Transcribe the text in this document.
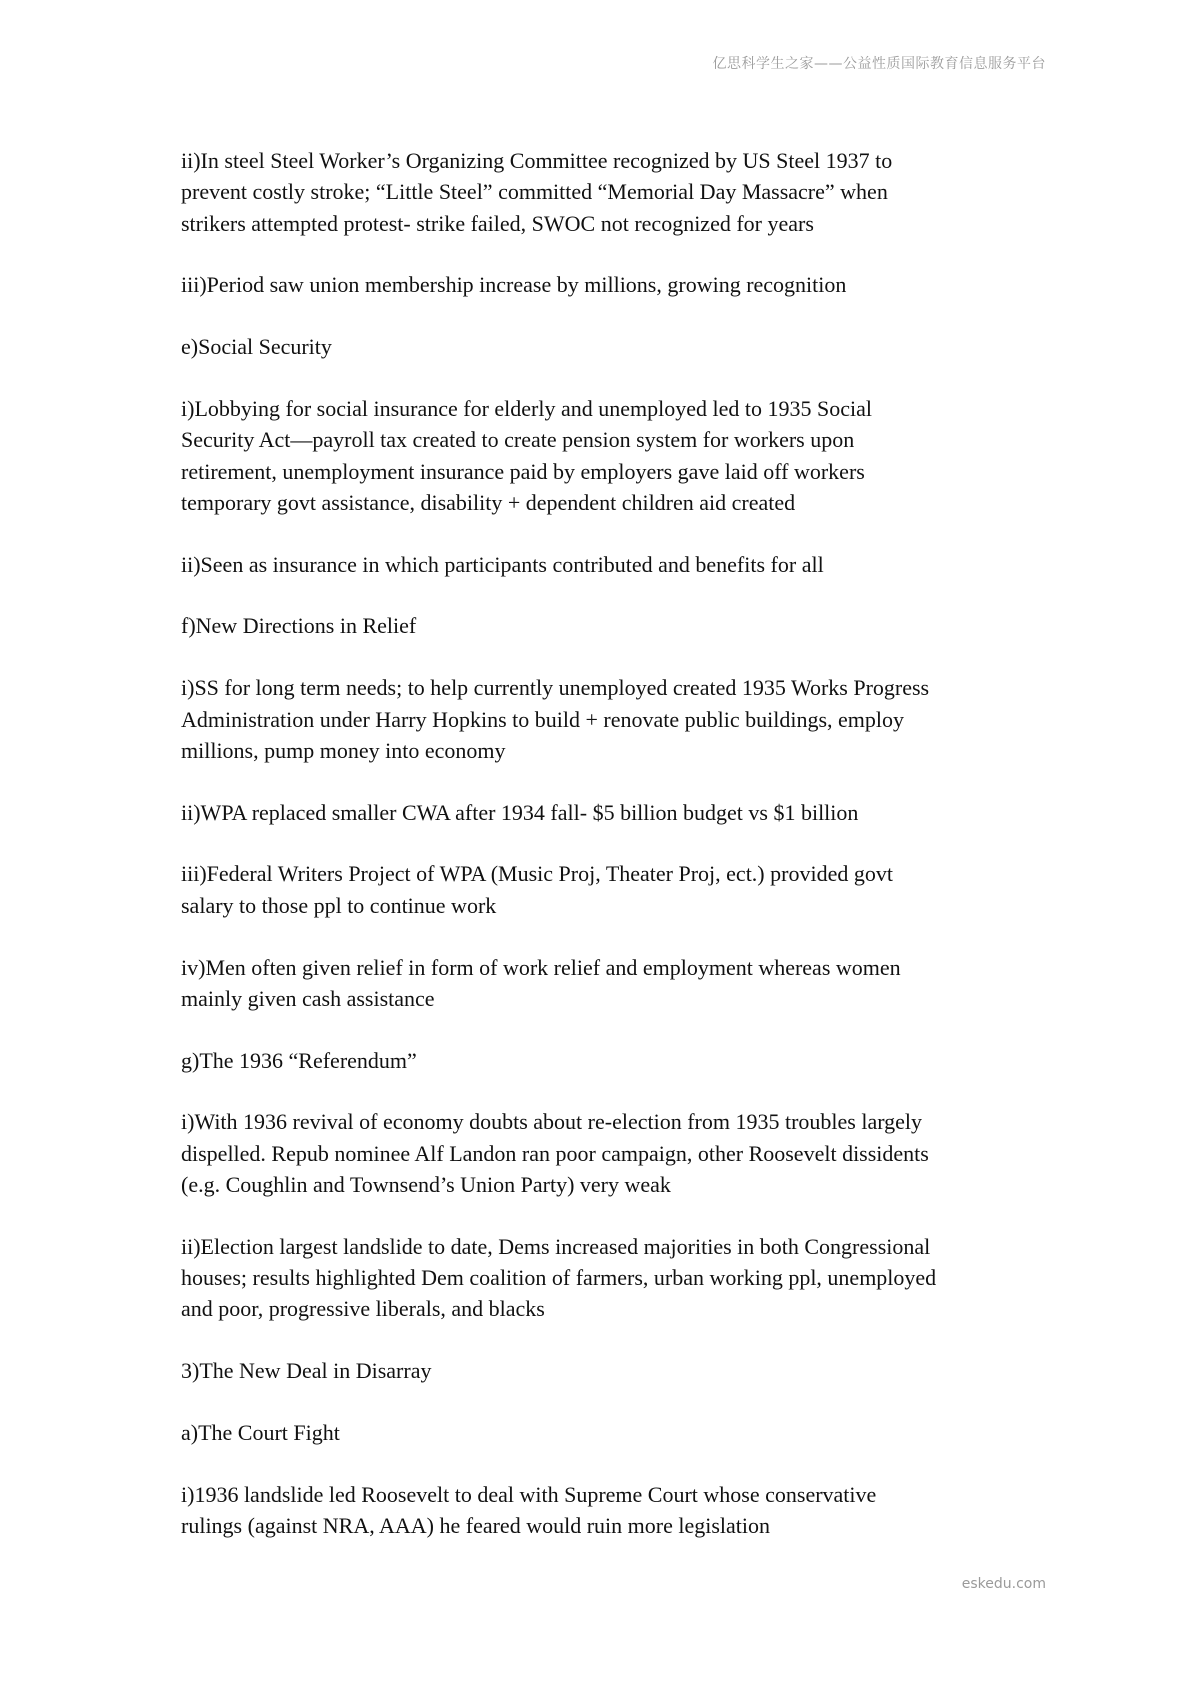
亿思科学生之家——公益性质国际教育信息服务平台

ii)In steel Steel Worker’s Organizing Committee recognized by US Steel 1937 to
prevent costly stroke; “Little Steel” committed “Memorial Day Massacre” when
strikers attempted protest- strike failed, SWOC not recognized for years

iii)Period saw union membership increase by millions, growing recognition

e)Social Security

i)Lobbying for social insurance for elderly and unemployed led to 1935 Social
Security Act—payroll tax created to create pension system for workers upon
retirement, unemployment insurance paid by employers gave laid off workers
temporary govt assistance, disability + dependent children aid created

ii)Seen as insurance in which participants contributed and benefits for all

f)New Directions in Relief

i)SS for long term needs; to help currently unemployed created 1935 Works Progress
Administration under Harry Hopkins to build + renovate public buildings, employ
millions, pump money into economy

ii)WPA replaced smaller CWA after 1934 fall- $5 billion budget vs $1 billion

iii)Federal Writers Project of WPA (Music Proj, Theater Proj, ect.) provided govt
salary to those ppl to continue work

iv)Men often given relief in form of work relief and employment whereas women
mainly given cash assistance

g)The 1936 “Referendum”

i)With 1936 revival of economy doubts about re-election from 1935 troubles largely
dispelled. Repub nominee Alf Landon ran poor campaign, other Roosevelt dissidents
(e.g. Coughlin and Townsend’s Union Party) very weak

ii)Election largest landslide to date, Dems increased majorities in both Congressional
houses; results highlighted Dem coalition of farmers, urban working ppl, unemployed
and poor, progressive liberals, and blacks

3)The New Deal in Disarray

a)The Court Fight

i)1936 landslide led Roosevelt to deal with Supreme Court whose conservative
rulings (against NRA, AAA) he feared would ruin more legislation

eskedu.com
